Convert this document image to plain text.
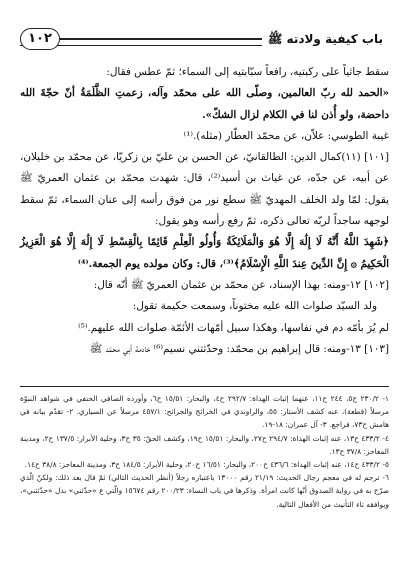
١٠٢	باب كيفية ولادته ﷺ

سقط جاثياً على ركبتيه، رافعاً سبّابتيه إلى السماء؛ ثمّ عطس فقال:

«الحمد لله ربّ العالمين، وصلّى الله على محمّد وآله، زعمتِ الظَّلَمَةُ أنّ حجّةَ الله داحضة، ولو أُذن لنا في الكلام لزال الشكّ».

غيبة الطوسي: علاّن، عن محمّد العطّار (مثله).⁽¹⁾

[١٠١] (١١)كمال الدين: الطالقانيّ، عن الحسن بن عليّ بن زكريّا، عن محمّد بن خليلان، عن أبيه، عن جدّه، عن غياث بن أسيد⁽²⁾، قال: شهدت محمّد بن عثمان العمريّ ﷺ يقول: لمّا ولد الخلف المهديّ ﷺ سطع نور من فوق رأسه إلى عنان السماء، ثمّ سقط لوجهه ساجداً لربّه تعالى ذكره، ثمّ رفع رأسه وهو يقول:

﴿شَهِدَ اللَّهُ أَنَّهُ لَا إِلَٰهَ إِلَّا هُوَ وَالْمَلَائِكَةُ وَأُولُو الْعِلْمِ قَائِمًا بِالْقِسْطِ لَا إِلَٰهَ إِلَّا هُوَ الْعَزِيزُ الْحَكِيمُ ۞ إِنَّ الدِّينَ عِندَ اللَّهِ الْإِسْلَامُ﴾⁽³⁾، قال: وكان مولده يوم الجمعة.⁽⁴⁾

[١٠٢] ١٢-ومنه: بهذا الإسناد، عن محمّد بن عثمان العمريّ ﷺ أنّه قال:

ولد السيّد صلوات الله عليه مختوناً، وسمعت حكيمة تقول:

لم يُرَ بأمّه دم في نفاسها، وهكذا سبيل أمّهات الأئمّة صلوات الله عليهم.⁽⁵⁾

[١٠٣] ١٣-ومنه: قال إبراهيم بن محمّد: وحدّثتني نسيم⁽⁶⁾ خادمة أبي محمّد ﷺ

١- ٢٣٠/٢ ح٥، ٢٤٤ ح١١، عنهما إثبات الهداة: ٢٩٢/٧ ح٤، والبحار: ١٥/٥١ ح٦، وأورده الصافي الحنفي في شواهد النبوّة مرسلاً (قطعة)، عنه كشف الأستار: ٥٥، والراوندي في الخرائج والجرائح: ٤٥٧/١ مرسلاً عن السياري. ٢- تقدّم بيانه في هامش ح٧٣، فراجع. ٣- آل عمران: ١٨-١٩.

٤- ٤٣٣/٢ ح١٣، عنه إثبات الهداة: ٢٩٤/٧ ح٢٧، والبحار: ١٥/٥١ ح١٩، وكشف الحقّ: ٣٥ ح٣، وحلية الأبرار: ١٣٧/٥ ح٢، ومدينة المعاجز: ٣٧/٨ ح١٣.

٥- ٤٣٣/٢ ح١٤، عنه إثبات الهداة: ٤٣٦/٦ ح٢٠٠، والبحار: ١٦/٥١ ح٢٠، وحلية الأبرار: ١٨٤/٥ ح٣، ومدينة المعاجز: ٣٨/٨ ح١٤.

٦- ترجم له في معجم رجال الحديث: ٢١/١٩ رقم ١٣٠٠٠ باعتباره رجلاً (أنظر الحديث التالي) ثمّ قال بعد ذلك: ولكنّ الّذي صرّح به في رواية الصدوق أنّها كانت امرأة. وذكرها في باب النساء: ٢٠٠/٢٣ رقم ١٥٦٧٤ والّتي ع «حدّثني» بدل «حدّثتني»، ويوافقه تاء التأنيث من الأفعال التالية.
